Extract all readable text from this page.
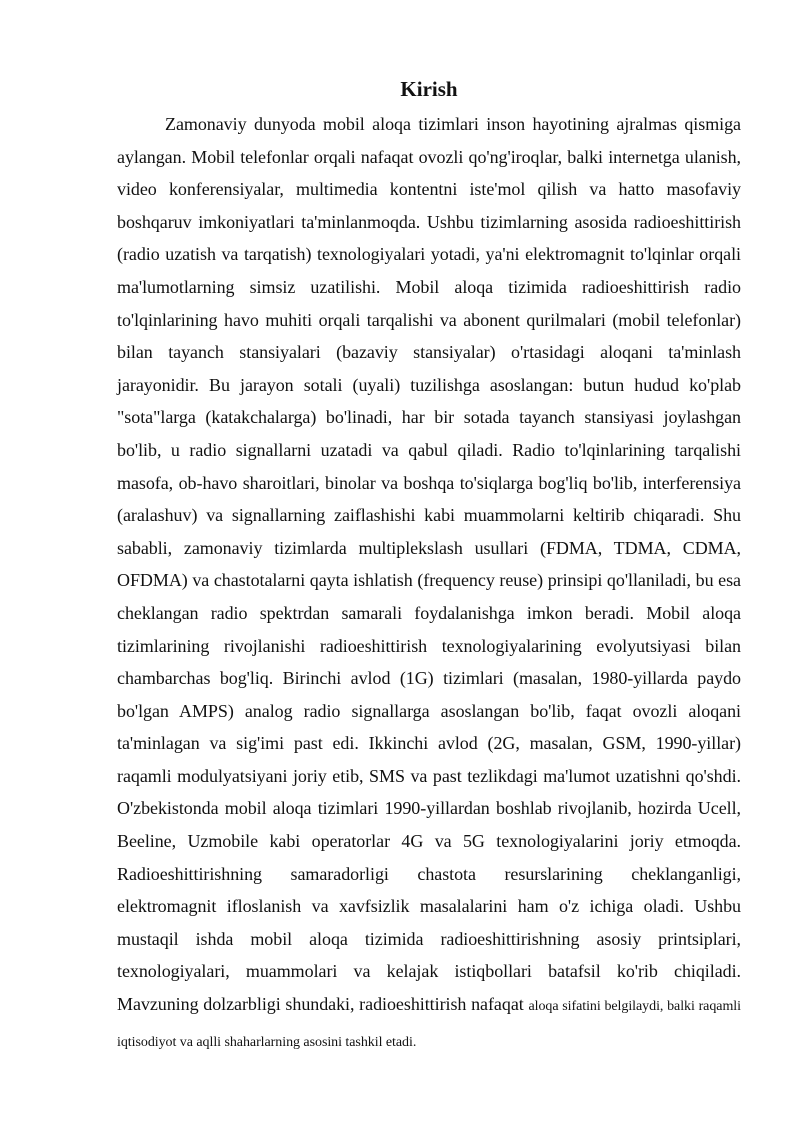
Kirish

Zamonaviy dunyoda mobil aloqa tizimlari inson hayotining ajralmas qismiga aylangan. Mobil telefonlar orqali nafaqat ovozli qo'ng'iroqlar, balki internetga ulanish, video konferensiyalar, multimedia kontentni iste'mol qilish va hatto masofaviy boshqaruv imkoniyatlari ta'minlanmoqda. Ushbu tizimlarning asosida radioeshittirish (radio uzatish va tarqatish) texnologiyalari yotadi, ya'ni elektromagnit to'lqinlar orqali ma'lumotlarning simsiz uzatilishi. Mobil aloqa tizimida radioeshittirish radio to'lqinlarining havo muhiti orqali tarqalishi va abonent qurilmalari (mobil telefonlar) bilan tayanch stansiyalari (bazaviy stansiyalar) o'rtasidagi aloqani ta'minlash jarayonidir. Bu jarayon sotali (uyali) tuzilishga asoslangan: butun hudud ko'plab "sota"larga (katakchalarga) bo'linadi, har bir sotada tayanch stansiyasi joylashgan bo'lib, u radio signallarni uzatadi va qabul qiladi. Radio to'lqinlarining tarqalishi masofa, ob-havo sharoitlari, binolar va boshqa to'siqlarga bog'liq bo'lib, interferensiya (aralashuv) va signallarning zaiflashishi kabi muammolarni keltirib chiqaradi. Shu sababli, zamonaviy tizimlarda multiplekslash usullari (FDMA, TDMA, CDMA, OFDMA) va chastotalarni qayta ishlatish (frequency reuse) prinsipi qo'llaniladi, bu esa cheklangan radio spektrdan samarali foydalanishga imkon beradi. Mobil aloqa tizimlarining rivojlanishi radioeshittirish texnologiyalarining evolyutsiyasi bilan chambarchas bog'liq. Birinchi avlod (1G) tizimlari (masalan, 1980-yillarda paydo bo'lgan AMPS) analog radio signallarga asoslangan bo'lib, faqat ovozli aloqani ta'minlagan va sig'imi past edi. Ikkinchi avlod (2G, masalan, GSM, 1990-yillar) raqamli modulyatsiyani joriy etib, SMS va past tezlikdagi ma'lumot uzatishni qo'shdi. O'zbekistonda mobil aloqa tizimlari 1990-yillardan boshlab rivojlanib, hozirda Ucell, Beeline, Uzmobile kabi operatorlar 4G va 5G texnologiyalarini joriy etmoqda. Radioeshittirishning samaradorligi chastota resurslarining cheklanganligi, elektromagnit ifloslanish va xavfsizlik masalalarini ham o'z ichiga oladi. Ushbu mustaqil ishda mobil aloqa tizimida radioeshittirishning asosiy printsiplari, texnologiyalari, muammolari va kelajak istiqbollari batafsil ko'rib chiqiladi. Mavzuning dolzarbligi shundaki, radioeshittirish nafaqat aloqa sifatini belgilaydi, balki raqamli iqtisodiyot va aqlli shaharlarning asosini tashkil etadi.
